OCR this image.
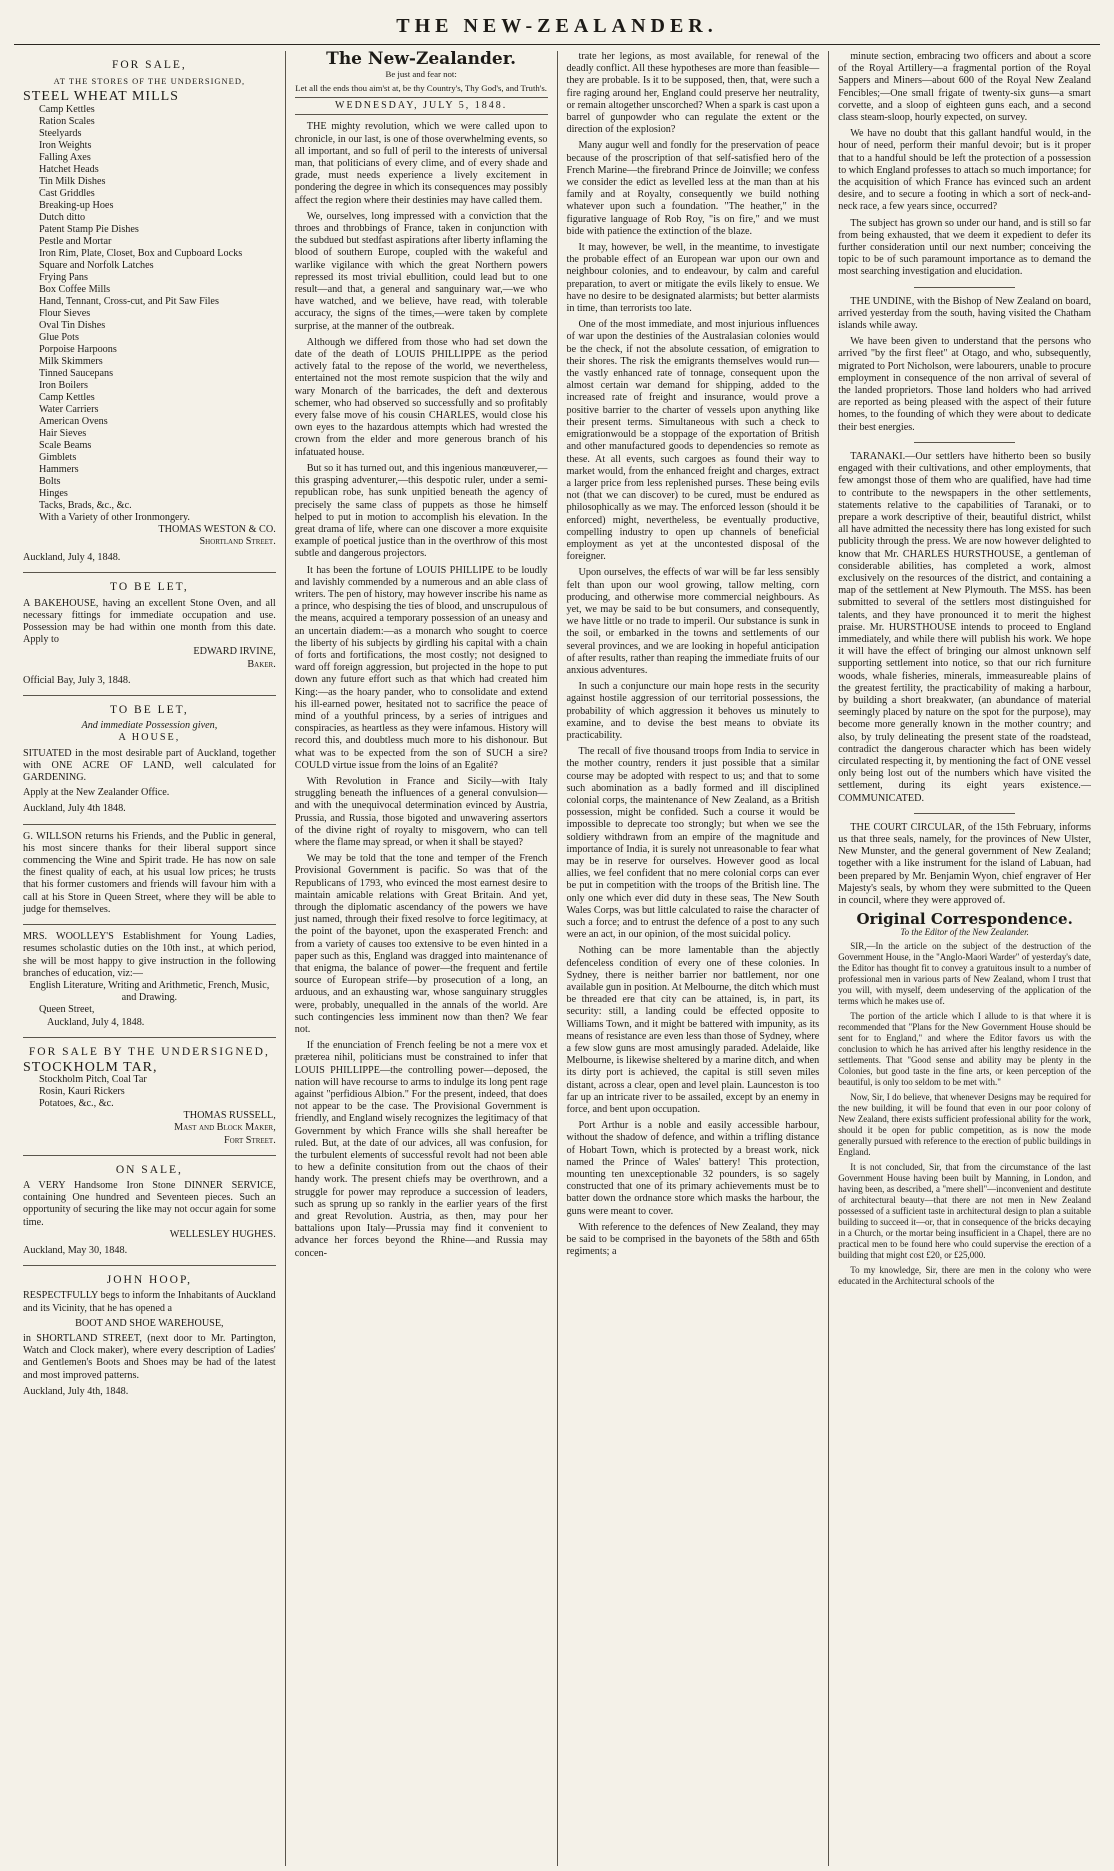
THE NEW-ZEALANDER.
FOR SALE,
AT THE STORES OF THE UNDERSIGNED,
STEEL WHEAT MILLS
Camp Kettles
Ration Scales
Steelyards
Iron Weights
Falling Axes
Hatchet Heads
Tin Milk Dishes
Cast Griddles
Breaking-up Hoes
Dutch ditto
Patent Stamp Pie Dishes
Pestle and Mortar
Iron Rim, Plate, Closet, Box and Cupboard Locks
Square and Norfolk Latches
Frying Pans
Box Coffee Mills
Hand, Tennant, Cross-cut, and Pit Saw Files
Flour Sieves
Oval Tin Dishes
Glue Pots
Porpoise Harpoons
Milk Skimmers
Tinned Saucepans
Iron Boilers
Camp Kettles
Water Carriers
American Ovens
Hair Sieves
Scale Beams
Gimblets
Hammers
Bolts
Hinges
Tacks, Brads, &c., &c.
With a Variety of other Ironmongery.
THOMAS WESTON & CO.
Shortland Street.
Auckland, July 4, 1848.
TO BE LET,
A BAKEHOUSE, having an excellent Stone Oven, and all necessary fittings for immediate occupation and use. Possession may be had within one month from this date. Apply to
EDWARD IRVINE,
Baker.
Official Bay, July 3, 1848.
TO BE LET,
And immediate Possession given,
A HOUSE,
SITUATED in the most desirable part of Auckland, together with ONE ACRE OF LAND, well calculated for GARDENING.
Apply at the New Zealander Office.
Auckland, July 4th 1848.
G. WILLSON returns his Friends, and the Public in general, his most sincere thanks for their liberal support since commencing the Wine and Spirit trade. He has now on sale the finest quality of each, at his usual low prices; he trusts that his former customers and friends will favour him with a call at his Store in Queen Street, where they will be able to judge for themselves.
MRS. WOOLLEY'S Establishment for Young Ladies, resumes scholastic duties on the 10th inst., at which period, she will be most happy to give instruction in the following branches of education, viz:—
English Literature, Writing and Arithmetic, French, Music, and Drawing.
Queen Street,
Auckland, July 4, 1848.
FOR SALE BY THE UNDERSIGNED,
STOCKHOLM TAR,
Stockholm Pitch, Coal Tar
Rosin, Kauri Rickers
Potatoes, &c., &c.
THOMAS RUSSELL,
Mast and Block Maker,
Fort Street.
ON SALE,
A VERY Handsome Iron Stone DINNER SERVICE, containing One hundred and Seventeen pieces. Such an opportunity of securing the like may not occur again for some time.
WELLESLEY HUGHES.
Auckland, May 30, 1848.
JOHN HOOP,
RESPECTFULLY begs to inform the Inhabitants of Auckland and its Vicinity, that he has opened a
BOOT AND SHOE WAREHOUSE,
in SHORTLAND STREET, (next door to Mr. Partington, Watch and Clock maker), where every description of Ladies' and Gentlemen's Boots and Shoes may be had of the latest and most improved patterns.
Auckland, July 4th, 1848.
The New-Zealander.
Be just and fear not:
Let all the ends thou aim'st at, be thy Country's, Thy God's, and Truth's.
WEDNESDAY, JULY 5, 1848.

THE mighty revolution, which we were called upon to chronicle, in our last, is one of those overwhelming events, so all important, and so full of peril to the interests of universal man, that politicians of every clime, and of every shade and grade, must needs experience a lively excitement in pondering the degree in which its consequences may possibly affect the region where their destinies may have called them.

We, ourselves, long impressed with a conviction that the throes and throbbings of France, taken in conjunction with the subdued but stedfast aspirations after liberty inflaming the blood of southern Europe, coupled with the wakeful and warlike vigilance with which the great Northern powers repressed its most trivial ebullition, could lead but to one result—and that, a general and sanguinary war,—we who have watched, and we believe, have read, with tolerable accuracy, the signs of the times,—were taken by complete surprise, at the manner of the outbreak.

Although we differed from those who had set down the date of the death of LOUIS PHILLIPPE as the period actively fatal to the repose of the world, we nevertheless, entertained not the most remote suspicion that the wily and wary Monarch of the barricades, the deft and dexterous schemer, who had observed so successfully and so profitably every false move of his cousin CHARLES, would close his own eyes to the hazardous attempts which had wrested the crown from the elder and more generous branch of his infatuated house.

But so it has turned out, and this ingenious manœuverer,—this grasping adventurer,—this despotic ruler, under a semi-republican robe, has sunk unpitied beneath the agency of precisely the same class of puppets as those he himself helped to put in motion to accomplish his elevation. In the great drama of life, where can one discover a more exquisite example of poetical justice than in the overthrow of this most subtle and dangerous projectors.

It has been the fortune of LOUIS PHILLIPE to be loudly and lavishly commended by a numerous and an able class of writers. The pen of history, may however inscribe his name as a prince, who despising the ties of blood, and unscrupulous of the means, acquired a temporary possession of an uneasy and an uncertain diadem:—as a monarch who sought to coerce the liberty of his subjects by girdling his capital with a chain of forts and fortifications, the most costly; not designed to ward off foreign aggression, but projected in the hope to put down any future effort such as that which had created him King:—as the hoary pander, who to consolidate and extend his ill-earned power, hesitated not to sacrifice the peace of mind of a youthful princess, by a series of intrigues and conspiracies, as heartless as they were infamous. History will record this, and doubtless much more to his dishonour. But what was to be expected from the son of SUCH a sire? COULD virtue issue from the loins of an Egalité?

With Revolution in France and Sicily—with Italy struggling beneath the influences of a general convulsion—and with the unequivocal determination evinced by Austria, Prussia, and Russia, those bigoted and unwavering assertors of the divine right of royalty to misgovern, who can tell where the flame may spread, or when it shall be stayed?

We may be told that the tone and temper of the French Provisional Government is pacific. So was that of the Republicans of 1793, who evinced the most earnest desire to maintain amicable relations with Great Britain. And yet, through the diplomatic ascendancy of the powers we have just named, through their fixed resolve to force legitimacy, at the point of the bayonet, upon the exasperated French: and from a variety of causes too extensive to be even hinted in a paper such as this, England was dragged into maintenance of that enigma, the balance of power—the frequent and fertile source of European strife—by prosecution of a long, an arduous, and an exhausting war, whose sanguinary struggles were, probably, unequalled in the annals of the world. Are such contingencies less imminent now than then? We fear not.

If the enunciation of French feeling be not a mere vox et præterea nihil, politicians must be constrained to infer that LOUIS PHILLIPPE—the controlling power—deposed, the nation will have recourse to arms to indulge its long pent rage against "perfidious Albion." For the present, indeed, that does not appear to be the case. The Provisional Government is friendly, and England wisely recognizes the legitimacy of that Government by which France wills she shall hereafter be ruled. But, at the date of our advices, all was confusion, for the turbulent elements of successful revolt had not been able to hew a definite consitution from out the chaos of their handy work. The present chiefs may be overthrown, and a struggle for power may reproduce a succession of leaders, such as sprung up so rankly in the earlier years of the first and great Revolution. Austria, as then, may pour her battalions upon Italy—Prussia may find it convenient to advance her forces beyond the Rhine—and Russia may concen-

trate her legions, as most available, for renewal of the deadly conflict. All these hypotheses are more than feasible—they are probable. Is it to be supposed, then, that, were such a fire raging around her, England could preserve her neutrality, or remain altogether unscorched? When a spark is cast upon a barrel of gunpowder who can regulate the extent or the direction of the explosion?

Many augur well and fondly for the preservation of peace because of the proscription of that self-satisfied hero of the French Marine—the firebrand Prince de Joinville; we confess we consider the edict as levelled less at the man than at his family and at Royalty, consequently we build nothing whatever upon such a foundation. "The heather," in the figurative language of Rob Roy, "is on fire," and we must bide with patience the extinction of the blaze.

It may, however, be well, in the meantime, to investigate the probable effect of an European war upon our own and neighbour colonies, and to endeavour, by calm and careful preparation, to avert or mitigate the evils likely to ensue. We have no desire to be designated alarmists; but better alarmists in time, than terrorists too late.

One of the most immediate, and most injurious influences of war upon the destinies of the Australasian colonies would be the check, if not the absolute cessation, of emigration to their shores. The risk the emigrants themselves would run—the vastly enhanced rate of tonnage, consequent upon the almost certain war demand for shipping, added to the increased rate of freight and insurance, would prove a positive barrier to the charter of vessels upon anything like their present terms. Simultaneous with such a check to emigrationwould be a stoppage of the exportation of British and other manufactured goods to dependencies so remote as these. At all events, such cargoes as found their way to market would, from the enhanced freight and charges, extract a larger price from less replenished purses. These being evils not (that we can discover) to be cured, must be endured as philosophically as we may. The enforced lesson (should it be enforced) might, nevertheless, be eventually productive, compelling industry to open up channels of beneficial employment as yet at the uncontested disposal of the foreigner.

Upon ourselves, the effects of war will be far less sensibly felt than upon our wool growing, tallow melting, corn producing, and otherwise more commercial neighbours. As yet, we may be said to be but consumers, and consequently, we have little or no trade to imperil. Our substance is sunk in the soil, or embarked in the towns and settlements of our several provinces, and we are looking in hopeful anticipation of after results, rather than reaping the immediate fruits of our anxious adventures.

In such a conjuncture our main hope rests in the security against hostile aggression of our territorial possessions, the probability of which aggression it behoves us minutely to examine, and to devise the best means to obviate its practicability.

The recall of five thousand troops from India to service in the mother country, renders it just possible that a similar course may be adopted with respect to us; and that to some such abomination as a badly formed and ill disciplined colonial corps, the maintenance of New Zealand, as a British possession, might be confided. Such a course it would be impossible to deprecate too strongly; but when we see the soldiery withdrawn from an empire of the magnitude and importance of India, it is surely not unreasonable to fear what may be in reserve for ourselves. However good as local allies, we feel confident that no mere colonial corps can ever be put in competition with the troops of the British line. The only one which ever did duty in these seas, The New South Wales Corps, was but little calculated to raise the character of such a force; and to entrust the defence of a post to any such were an act, in our opinion, of the most suicidal policy.

Nothing can be more lamentable than the abjectly defenceless condition of every one of these colonies. In Sydney, there is neither barrier nor battlement, nor one available gun in position. At Melbourne, the ditch which must be threaded ere that city can be attained, is, in part, its security: still, a landing could be effected opposite to Williams Town, and it might be battered with impunity, as its means of resistance are even less than those of Sydney, where a few slow guns are most amusingly paraded. Adelaide, like Melbourne, is likewise sheltered by a marine ditch, and when its dirty port is achieved, the capital is still seven miles distant, across a clear, open and level plain. Launceston is too far up an intricate river to be assailed, except by an enemy in force, and bent upon occupation.

Port Arthur is a noble and easily accessible harbour, without the shadow of defence, and within a trifling distance of Hobart Town, which is protected by a breast work, nick named the Prince of Wales' battery! This protection, mounting ten unexceptionable 32 pounders, is so sagely constructed that one of its primary achievements must be to batter down the ordnance store which masks the harbour, the guns were meant to cover.

With reference to the defences of New Zealand, they may be said to be comprised in the bayonets of the 58th and 65th regiments; a

minute section, embracing two officers and about a score of the Royal Artillery—a fragmental portion of the Royal Sappers and Miners—about 600 of the Royal New Zealand Fencibles;—One small frigate of twenty-six guns—a smart corvette, and a sloop of eighteen guns each, and a second class steam-sloop, hourly expected, on survey.

We have no doubt that this gallant handful would, in the hour of need, perform their manful devoir; but is it proper that to a handful should be left the protection of a possession to which England professes to attach so much importance; for the acquisition of which France has evinced such an ardent desire, and to secure a footing in which a sort of neck-and-neck race, a few years since, occurred?

The subject has grown so under our hand, and is still so far from being exhausted, that we deem it expedient to defer its further consideration until our next number; conceiving the topic to be of such paramount importance as to demand the most searching investigation and elucidation.

THE UNDINE, with the Bishop of New Zealand on board, arrived yesterday from the south, having visited the Chatham islands while away.

We have been given to understand that the persons who arrived "by the first fleet" at Otago, and who, subsequently, migrated to Port Nicholson, were labourers, unable to procure employment in consequence of the non arrival of several of the landed proprietors. Those land holders who had arrived are reported as being pleased with the aspect of their future homes, to the founding of which they were about to dedicate their best energies.

TARANAKI.—Our settlers have hitherto been so busily engaged with their cultivations, and other employments, that few amongst those of them who are qualified, have had time to contribute to the newspapers in the other settlements, statements relative to the capabilities of Taranaki, or to prepare a work descriptive of their, beautiful district, whilst all have admitted the necessity there has long existed for such publicity through the press. We are now however delighted to know that Mr. CHARLES HURSTHOUSE, a gentleman of considerable abilities, has completed a work, almost exclusively on the resources of the district, and containing a map of the settlement at New Plymouth. The MSS. has been submitted to several of the settlers most distinguished for talents, and they have pronounced it to merit the highest praise. Mr. HURSTHOUSE intends to proceed to England immediately, and while there will publish his work. We hope it will have the effect of bringing our almost unknown self supporting settlement into notice, so that our rich furniture woods, whale fisheries, minerals, immeasureable plains of the greatest fertility, the practicability of making a harbour, by building a short breakwater, (an abundance of material seemingly placed by nature on the spot for the purpose), may become more generally known in the mother country; and also, by truly delineating the present state of the roadstead, contradict the dangerous character which has been widely circulated respecting it, by mentioning the fact of ONE vessel only being lost out of the numbers which have visited the settlement, during its eight years existence.—COMMUNICATED.

THE COURT CIRCULAR, of the 15th February, informs us that three seals, namely, for the provinces of New Ulster, New Munster, and the general government of New Zealand; together with a like instrument for the island of Labuan, had been prepared by Mr. Benjamin Wyon, chief engraver of Her Majesty's seals, by whom they were submitted to the Queen in council, where they were approved of.

Original Correspondence.
To the Editor of the New Zealander.

SIR,—In the article on the subject of the destruction of the Government House, in the "Anglo-Maori Warder" of yesterday's date, the Editor has thought fit to convey a gratuitous insult to a number of professional men in various parts of New Zealand, whom I trust that you will, with myself, deem undeserving of the application of the terms which he makes use of.

The portion of the article which I allude to is that where it is recommended that "Plans for the New Government House should be sent for to England," and where the Editor favors us with the conclusion to which he has arrived after his lengthy residence in the settlements. That "Good sense and ability may be plenty in the Colonies, but good taste in the fine arts, or keen perception of the beautiful, is only too seldom to be met with."

Now, Sir, I do believe, that whenever Designs may be required for the new building, it will be found that even in our poor colony of New Zealand, there exists sufficient professional ability for the work, should it be open for public competition, as is now the mode generally pursued with reference to the erection of public buildings in England.

It is not concluded, Sir, that from the circumstance of the last Government House having been built by Manning, in London, and having been, as described, a "mere shell"—inconvenient and destitute of architectural beauty—that there are not men in New Zealand possessed of a sufficient taste in architectural design to plan a suitable building to succeed it—or, that in consequence of the bricks decaying in a Church, or the mortar being insufficient in a Chapel, there are no practical men to be found here who could supervise the erection of a building that might cost £20, or £25,000.

To my knowledge, Sir, there are men in the colony who were educated in the Architectural schools of the
